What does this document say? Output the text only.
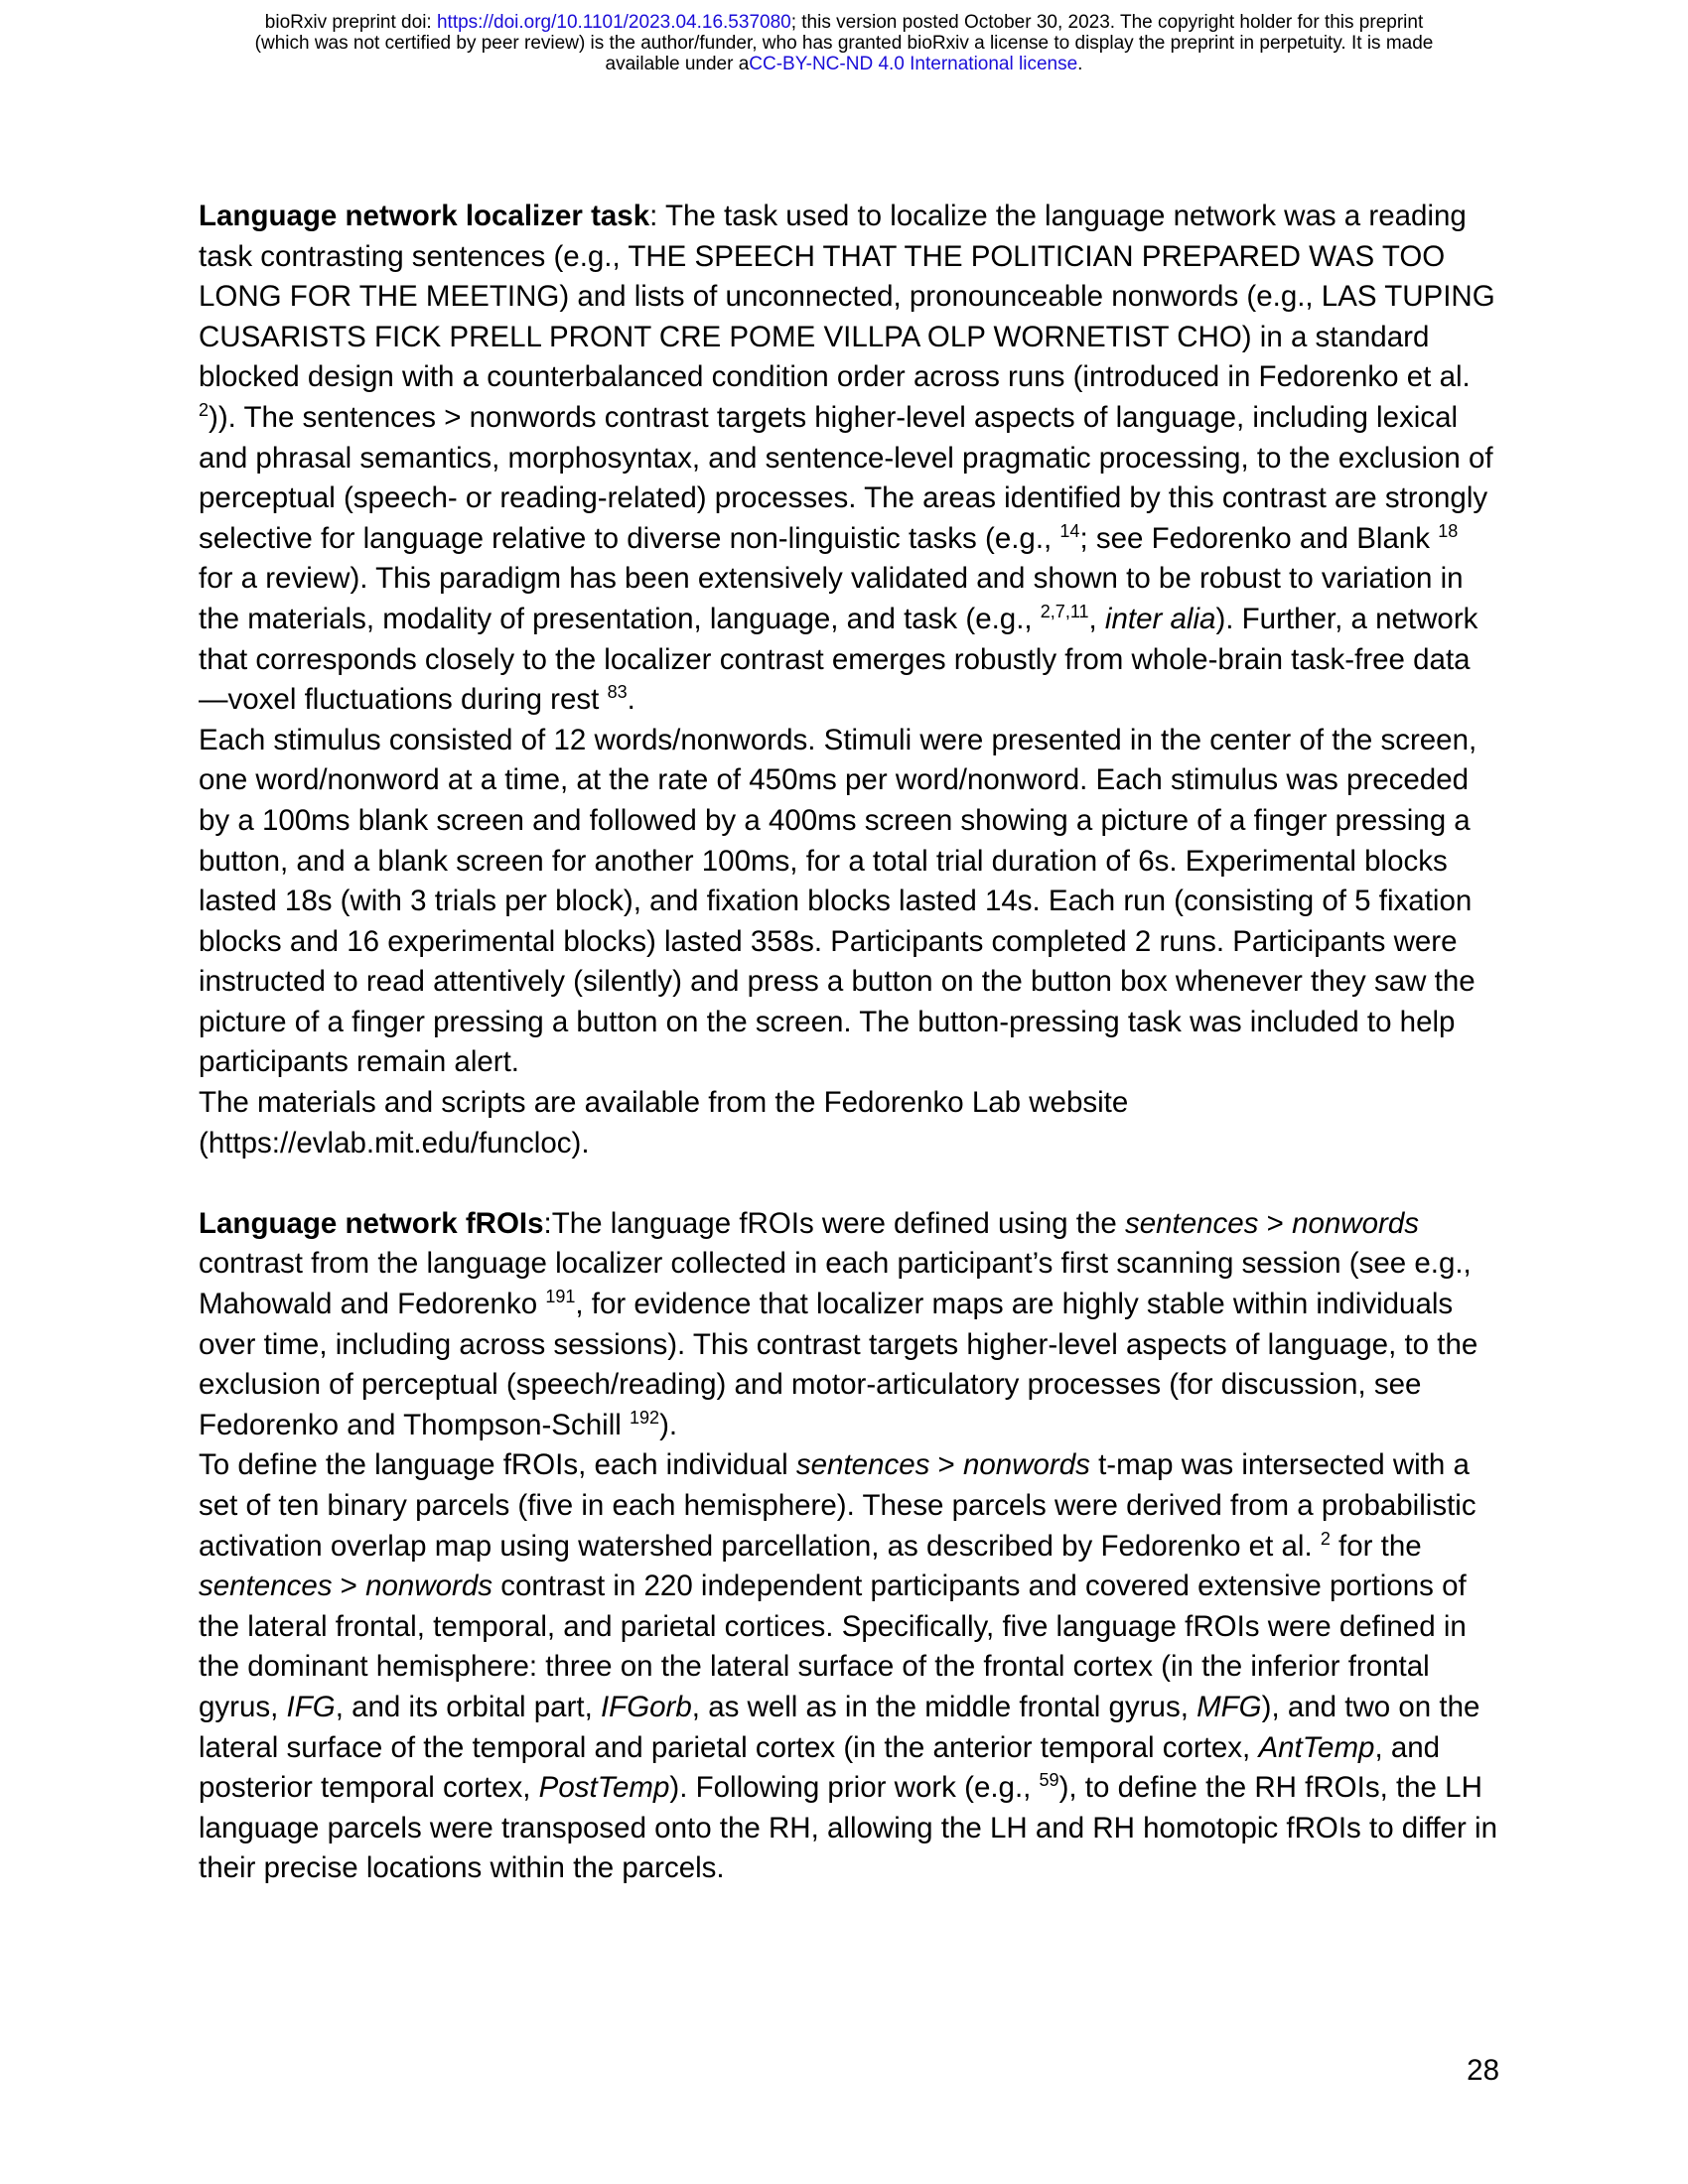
bioRxiv preprint doi: https://doi.org/10.1101/2023.04.16.537080; this version posted October 30, 2023. The copyright holder for this preprint
(which was not certified by peer review) is the author/funder, who has granted bioRxiv a license to display the preprint in perpetuity. It is made
available under aCC-BY-NC-ND 4.0 International license.

Language network localizer task: The task used to localize the language network was a reading task contrasting sentences (e.g., THE SPEECH THAT THE POLITICIAN PREPARED WAS TOO LONG FOR THE MEETING) and lists of unconnected, pronounceable nonwords (e.g., LAS TUPING CUSARISTS FICK PRELL PRONT CRE POME VILLPA OLP WORNETIST CHO) in a standard blocked design with a counterbalanced condition order across runs (introduced in Fedorenko et al. $^2$)). The sentences > nonwords contrast targets higher-level aspects of language, including lexical and phrasal semantics, morphosyntax, and sentence-level pragmatic processing, to the exclusion of perceptual (speech- or reading-related) processes. The areas identified by this contrast are strongly selective for language relative to diverse non-linguistic tasks (e.g., $^{14}$; see Fedorenko and Blank $^{18}$ for a review). This paradigm has been extensively validated and shown to be robust to variation in the materials, modality of presentation, language, and task (e.g., $^{2,7,11}$, inter alia). Further, a network that corresponds closely to the localizer contrast emerges robustly from whole-brain task-free data—voxel fluctuations during rest $^{83}$.

Each stimulus consisted of 12 words/nonwords. Stimuli were presented in the center of the screen, one word/nonword at a time, at the rate of 450ms per word/nonword. Each stimulus was preceded by a 100ms blank screen and followed by a 400ms screen showing a picture of a finger pressing a button, and a blank screen for another 100ms, for a total trial duration of 6s. Experimental blocks lasted 18s (with 3 trials per block), and fixation blocks lasted 14s. Each run (consisting of 5 fixation blocks and 16 experimental blocks) lasted 358s. Participants completed 2 runs. Participants were instructed to read attentively (silently) and press a button on the button box whenever they saw the picture of a finger pressing a button on the screen. The button-pressing task was included to help participants remain alert.

The materials and scripts are available from the Fedorenko Lab website
(https://evlab.mit.edu/funcloc).

Language network fROIs:The language fROIs were defined using the sentences > nonwords contrast from the language localizer collected in each participant’s first scanning session (see e.g., Mahowald and Fedorenko $^{191}$, for evidence that localizer maps are highly stable within individuals over time, including across sessions). This contrast targets higher-level aspects of language, to the exclusion of perceptual (speech/reading) and motor-articulatory processes (for discussion, see Fedorenko and Thompson-Schill $^{192}$).

To define the language fROIs, each individual sentences > nonwords t-map was intersected with a set of ten binary parcels (five in each hemisphere). These parcels were derived from a probabilistic activation overlap map using watershed parcellation, as described by Fedorenko et al. $^2$ for the sentences > nonwords contrast in 220 independent participants and covered extensive portions of the lateral frontal, temporal, and parietal cortices. Specifically, five language fROIs were defined in the dominant hemisphere: three on the lateral surface of the frontal cortex (in the inferior frontal gyrus, IFG, and its orbital part, IFGorb, as well as in the middle frontal gyrus, MFG), and two on the lateral surface of the temporal and parietal cortex (in the anterior temporal cortex, AntTemp, and posterior temporal cortex, PostTemp). Following prior work (e.g., $^{59}$), to define the RH fROIs, the LH language parcels were transposed onto the RH, allowing the LH and RH homotopic fROIs to differ in their precise locations within the parcels.

28
